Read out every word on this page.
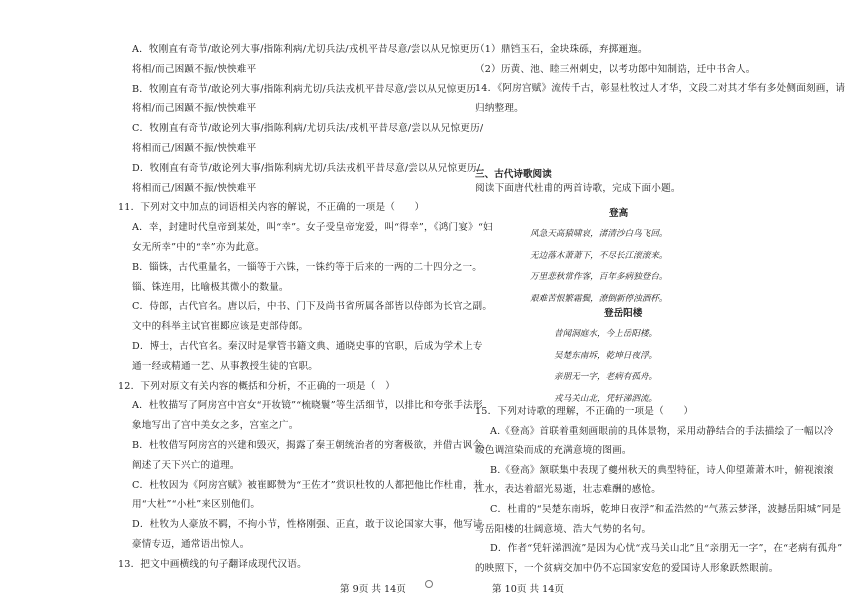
A．牧刚直有奇节/敢论列大事/指陈利病/尤切兵法/戎机平昔尽意/尝以从兄惊更历
将相/而己困踬不振/怏怏难平
B．牧刚直有奇节/敢论列大事/指陈利病尤切/兵法戎机平昔尽意/尝以从兄惊更历
将相/而己困踬不振/怏怏难平
C．牧刚直有奇节/敢论列大事/指陈利病/尤切兵法/戎机平昔尽意/尝以从兄惊更历/
将相而己/困踬不振/怏怏难平
D．牧刚直有奇节/敢论列大事/指陈利病尤切/兵法戎机平昔尽意/尝以从兄惊更历/
将相而己/困踬不振/怏怏难平
11．下列对文中加点的词语相关内容的解说，不正确的一项是（　　）
A．幸，封建时代皇帝到某处，叫“幸”。女子受皇帝宠爱，叫“得幸”，《鸿门宴》“妇
女无所幸”中的“幸”亦为此意。
B．锱铢，古代重量名，一锱等于六铢，一铢约等于后来的一两的二十四分之一。
锱、铢连用，比喻极其微小的数量。
C．侍郎，古代官名。唐以后，中书、门下及尚书省所属各部皆以侍郎为长官之副。
文中的科举主试官崔郾应该是吏部侍郎。
D．博士，古代官名。秦汉时是掌管书籍文典、通晓史事的官职，后成为学术上专
通一经或精通一艺、从事教授生徒的官职。
12．下列对原文有关内容的概括和分析，不正确的一项是（　）
A．杜牧描写了阿房宫中宫女“开妆镜”“梳晓鬟”等生活细节，以排比和夸张手法形
象地写出了宫中美女之多，宫室之广。
B．杜牧借写阿房宫的兴建和毁灭，揭露了秦王朝统治者的穷奢极欲，并借古讽今，
阐述了天下兴亡的道理。
C．杜牧因为《阿房宫赋》被崔郾赞为“王佐才”赏识杜牧的人都把他比作杜甫，并
用“大杜”“小杜”来区别他们。
D．杜牧为人豪放不羁，不拘小节，性格刚强、正直，敢于议论国家大事，他写诗
豪情专迈，通常语出惊人。
13．把文中画横线的句子翻译成现代汉语。
三、古代诗歌阅读
阅读下面唐代杜甫的两首诗歌，完成下面小题。
登高
登岳阳楼
（1）鼎铛玉石，金块珠砾，弃掷逦迤。
（2）历黄、池、睦三州刺史，以考功郎中知制诰，迁中书舍人。
14．《阿房宫赋》流传千古，彰显杜牧过人才华，文段二对其才华有多处侧面刻画，请
归纳整理。
风急天高猿啸哀，渚清沙白鸟飞回。
无边落木萧萧下，不尽长江滚滚来。
万里悲秋常作客，百年多病独登台。
艰难苦恨繁霜鬓，潦倒新停浊酒杯。
昔闻洞庭水，今上岳阳楼。
吴楚东南坼，乾坤日夜浮。
亲朋无一字，老病有孤舟。
戎马关山北，凭轩涕泗流。
15．下列对诗歌的理解，不正确的一项是（　　）
A.《登高》首联着重刻画眼前的具体景物，采用动静结合的手法描绘了一幅以冷
暖色调渲染而成的充满意境的图画。
B.《登高》颔联集中表现了夔州秋天的典型特征，诗人仰望萧萧木叶，俯视滚滚
江水，表达着韶光易逝，壮志难酬的感怆。
C．杜甫的“吴楚东南坼，乾坤日夜浮”和孟浩然的“气蒸云梦泽，波撼岳阳城”同是
写岳阳楼的壮阔意境、浩大气势的名句。
D．作者“凭轩涕泗流”是因为心忧“戎马关山北”且“亲朋无一字”，在“老病有孤舟”
的映照下，一个贫病交加中仍不忘国家安危的爱国诗人形象跃然眼前。
第 9页 共 14页	第 10页 共 14页
